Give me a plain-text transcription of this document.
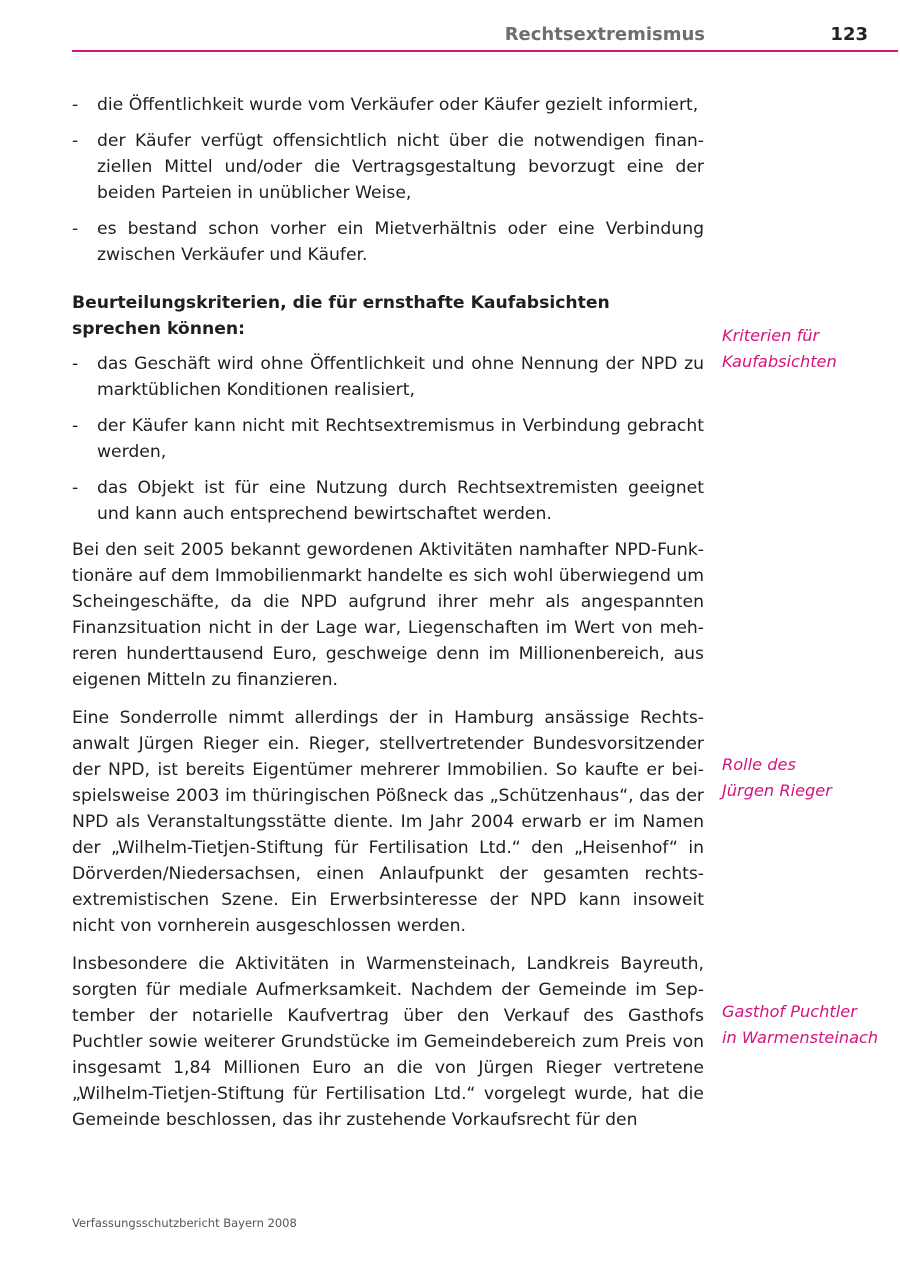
Rechtsextremismus	123
- die Öffentlichkeit wurde vom Verkäufer oder Käufer gezielt informiert,
- der Käufer verfügt offensichtlich nicht über die notwendigen finanziellen Mittel und/oder die Vertragsgestaltung bevorzugt eine der beiden Parteien in unüblicher Weise,
- es bestand schon vorher ein Mietverhältnis oder eine Verbindung zwischen Verkäufer und Käufer.

Beurteilungskriterien, die für ernsthafte Kaufabsichten sprechen können:

- das Geschäft wird ohne Öffentlichkeit und ohne Nennung der NPD zu marktüblichen Konditionen realisiert,
- der Käufer kann nicht mit Rechtsextremismus in Verbindung gebracht werden,
- das Objekt ist für eine Nutzung durch Rechtsextremisten geeignet und kann auch entsprechend bewirtschaftet werden.

Bei den seit 2005 bekannt gewordenen Aktivitäten namhafter NPD-Funktionäre auf dem Immobilienmarkt handelte es sich wohl überwiegend um Scheingeschäfte, da die NPD aufgrund ihrer mehr als angespannten Finanzsituation nicht in der Lage war, Liegenschaften im Wert von mehreren hunderttausend Euro, geschweige denn im Millionenbereich, aus eigenen Mitteln zu finanzieren.

Eine Sonderrolle nimmt allerdings der in Hamburg ansässige Rechtsanwalt Jürgen Rieger ein. Rieger, stellvertretender Bundesvorsitzender der NPD, ist bereits Eigentümer mehrerer Immobilien. So kaufte er beispielsweise 2003 im thüringischen Pößneck das „Schützenhaus“, das der NPD als Veranstaltungsstätte diente. Im Jahr 2004 erwarb er im Namen der „Wilhelm-Tietjen-Stiftung für Fertilisation Ltd.“ den „Heisenhof“ in Dörverden/Niedersachsen, einen Anlaufpunkt der gesamten rechtsextremistischen Szene. Ein Erwerbsinteresse der NPD kann insoweit nicht von vornherein ausgeschlossen werden.

Insbesondere die Aktivitäten in Warmensteinach, Landkreis Bayreuth, sorgten für mediale Aufmerksamkeit. Nachdem der Gemeinde im September der notarielle Kaufvertrag über den Verkauf des Gasthofs Puchtler sowie weiterer Grundstücke im Gemeindebereich zum Preis von insgesamt 1,84 Millionen Euro an die von Jürgen Rieger vertretene „Wilhelm-Tietjen-Stiftung für Fertilisation Ltd.“ vorgelegt wurde, hat die Gemeinde beschlossen, das ihr zustehende Vorkaufsrecht für den

Kriterien für
Kaufabsichten
Rolle des
Jürgen Rieger
Gasthof Puchtler
in Warmensteinach
Verfassungsschutzbericht Bayern 2008
